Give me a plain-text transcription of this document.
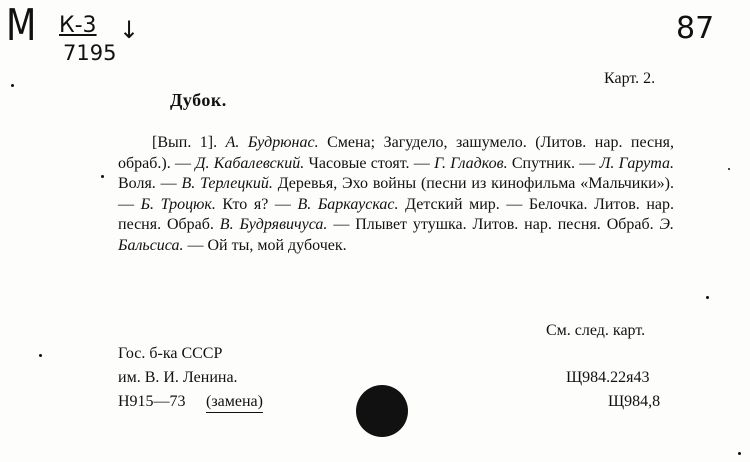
М К-3
7195
↓	87
Карт. 2.
Дубок.

[Вып. 1]. А. Будрюнас. Смена; Загудело, зашумело. (Литов. нар. песня, обраб.). — Д. Кабалевский. Часовые стоят. — Г. Гладков. Спутник. — Л. Гарута. Воля. — В. Терлецкий. Деревья, Эхо войны (песни из кинофильма «Мальчики»). — Б. Троцюк. Кто я? — В. Баркаускас. Детский мир. — Белочка. Литов. нар. песня. Обраб. В. Будрявичуса. — Плывет утушка. Литов. нар. песня. Обраб. Э. Бальсиса. — Ой ты, мой дубочек.

См. след. карт.
Гос. б-ка СССР
им. В. И. Ленина.
Н915—73 (замена)
Щ984.22я43
Щ984,8
